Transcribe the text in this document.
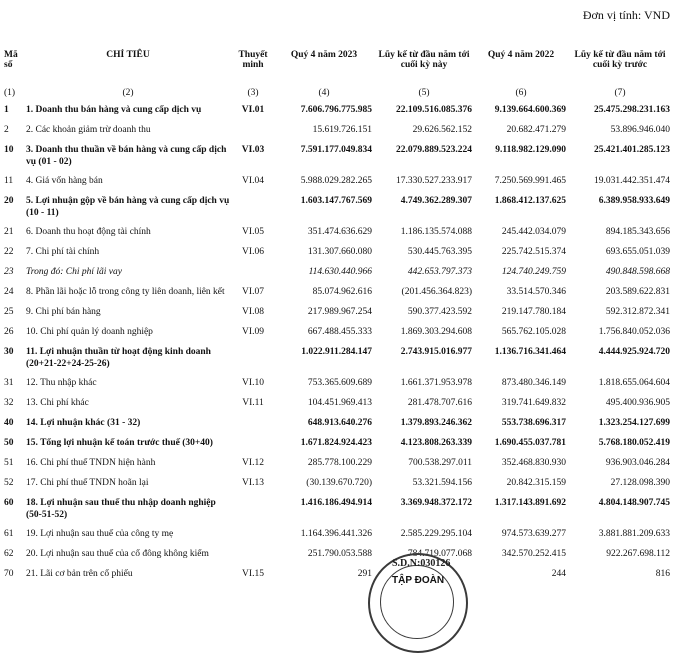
Đơn vị tính: VND
Mã số	CHỈ TIÊU	Thuyết minh	Quý 4 năm 2023	Lũy kế từ đầu năm tới cuối kỳ này	Quý 4 năm 2022	Lũy kế từ đầu năm tới cuối kỳ trước
(1)	(2)	(3)	(4)	(5)	(6)	(7)
1	1. Doanh thu bán hàng và cung cấp dịch vụ	VI.01	7.606.796.775.985	22.109.516.085.376	9.139.664.600.369	25.475.298.231.163
2	2. Các khoản giảm trừ doanh thu		15.619.726.151	29.626.562.152	20.682.471.279	53.896.946.040
10	3. Doanh thu thuần về bán hàng và cung cấp dịch vụ (01 - 02)	VI.03	7.591.177.049.834	22.079.889.523.224	9.118.982.129.090	25.421.401.285.123
11	4. Giá vốn hàng bán	VI.04	5.988.029.282.265	17.330.527.233.917	7.250.569.991.465	19.031.442.351.474
20	5. Lợi nhuận gộp về bán hàng và cung cấp dịch vụ (10 - 11)		1.603.147.767.569	4.749.362.289.307	1.868.412.137.625	6.389.958.933.649
21	6. Doanh thu hoạt động tài chính	VI.05	351.474.636.629	1.186.135.574.088	245.442.034.079	894.185.343.656
22	7. Chi phí tài chính	VI.06	131.307.660.080	530.445.763.395	225.742.515.374	693.655.051.039
23	Trong đó: Chi phí lãi vay		114.630.440.966	442.653.797.373	124.740.249.759	490.848.598.668
24	8. Phần lãi hoặc lỗ trong công ty liên doanh, liên kết	VI.07	85.074.962.616	(201.456.364.823)	33.514.570.346	203.589.622.831
25	9. Chi phí bán hàng	VI.08	217.989.967.254	590.377.423.592	219.147.780.184	592.312.872.341
26	10. Chi phí quản lý doanh nghiệp	VI.09	667.488.455.333	1.869.303.294.608	565.762.105.028	1.756.840.052.036
30	11. Lợi nhuận thuần từ hoạt động kinh doanh (20+21-22+24-25-26)		1.022.911.284.147	2.743.915.016.977	1.136.716.341.464	4.444.925.924.720
31	12. Thu nhập khác	VI.10	753.365.609.689	1.661.371.953.978	873.480.346.149	1.818.655.064.604
32	13. Chi phí khác	VI.11	104.451.969.413	281.478.707.616	319.741.649.832	495.400.936.905
40	14. Lợi nhuận khác (31 - 32)		648.913.640.276	1.379.893.246.362	553.738.696.317	1.323.254.127.699
50	15. Tổng lợi nhuận kế toán trước thuế (30+40)		1.671.824.924.423	4.123.808.263.339	1.690.455.037.781	5.768.180.052.419
51	16. Chi phí thuế TNDN hiện hành	VI.12	285.778.100.229	700.538.297.011	352.468.830.930	936.903.046.284
52	17. Chi phí thuế TNDN hoãn lại	VI.13	(30.139.670.720)	53.321.594.156	20.842.315.159	27.128.098.390
60	18. Lợi nhuận sau thuế thu nhập doanh nghiệp (50-51-52)		1.416.186.494.914	3.369.948.372.172	1.317.143.891.692	4.804.148.907.745
61	19. Lợi nhuận sau thuế của công ty mẹ		1.164.396.441.326	2.585.229.295.104	974.573.639.277	3.881.881.209.633
62	20. Lợi nhuận sau thuế của cổ đông không kiểm		251.790.053.588	784.719.077.068	342.570.252.415	922.267.698.112
70	21. Lãi cơ bản trên cổ phiếu	VI.15	291		244	816
S.D.N:030126
TẬP ĐOÀN
